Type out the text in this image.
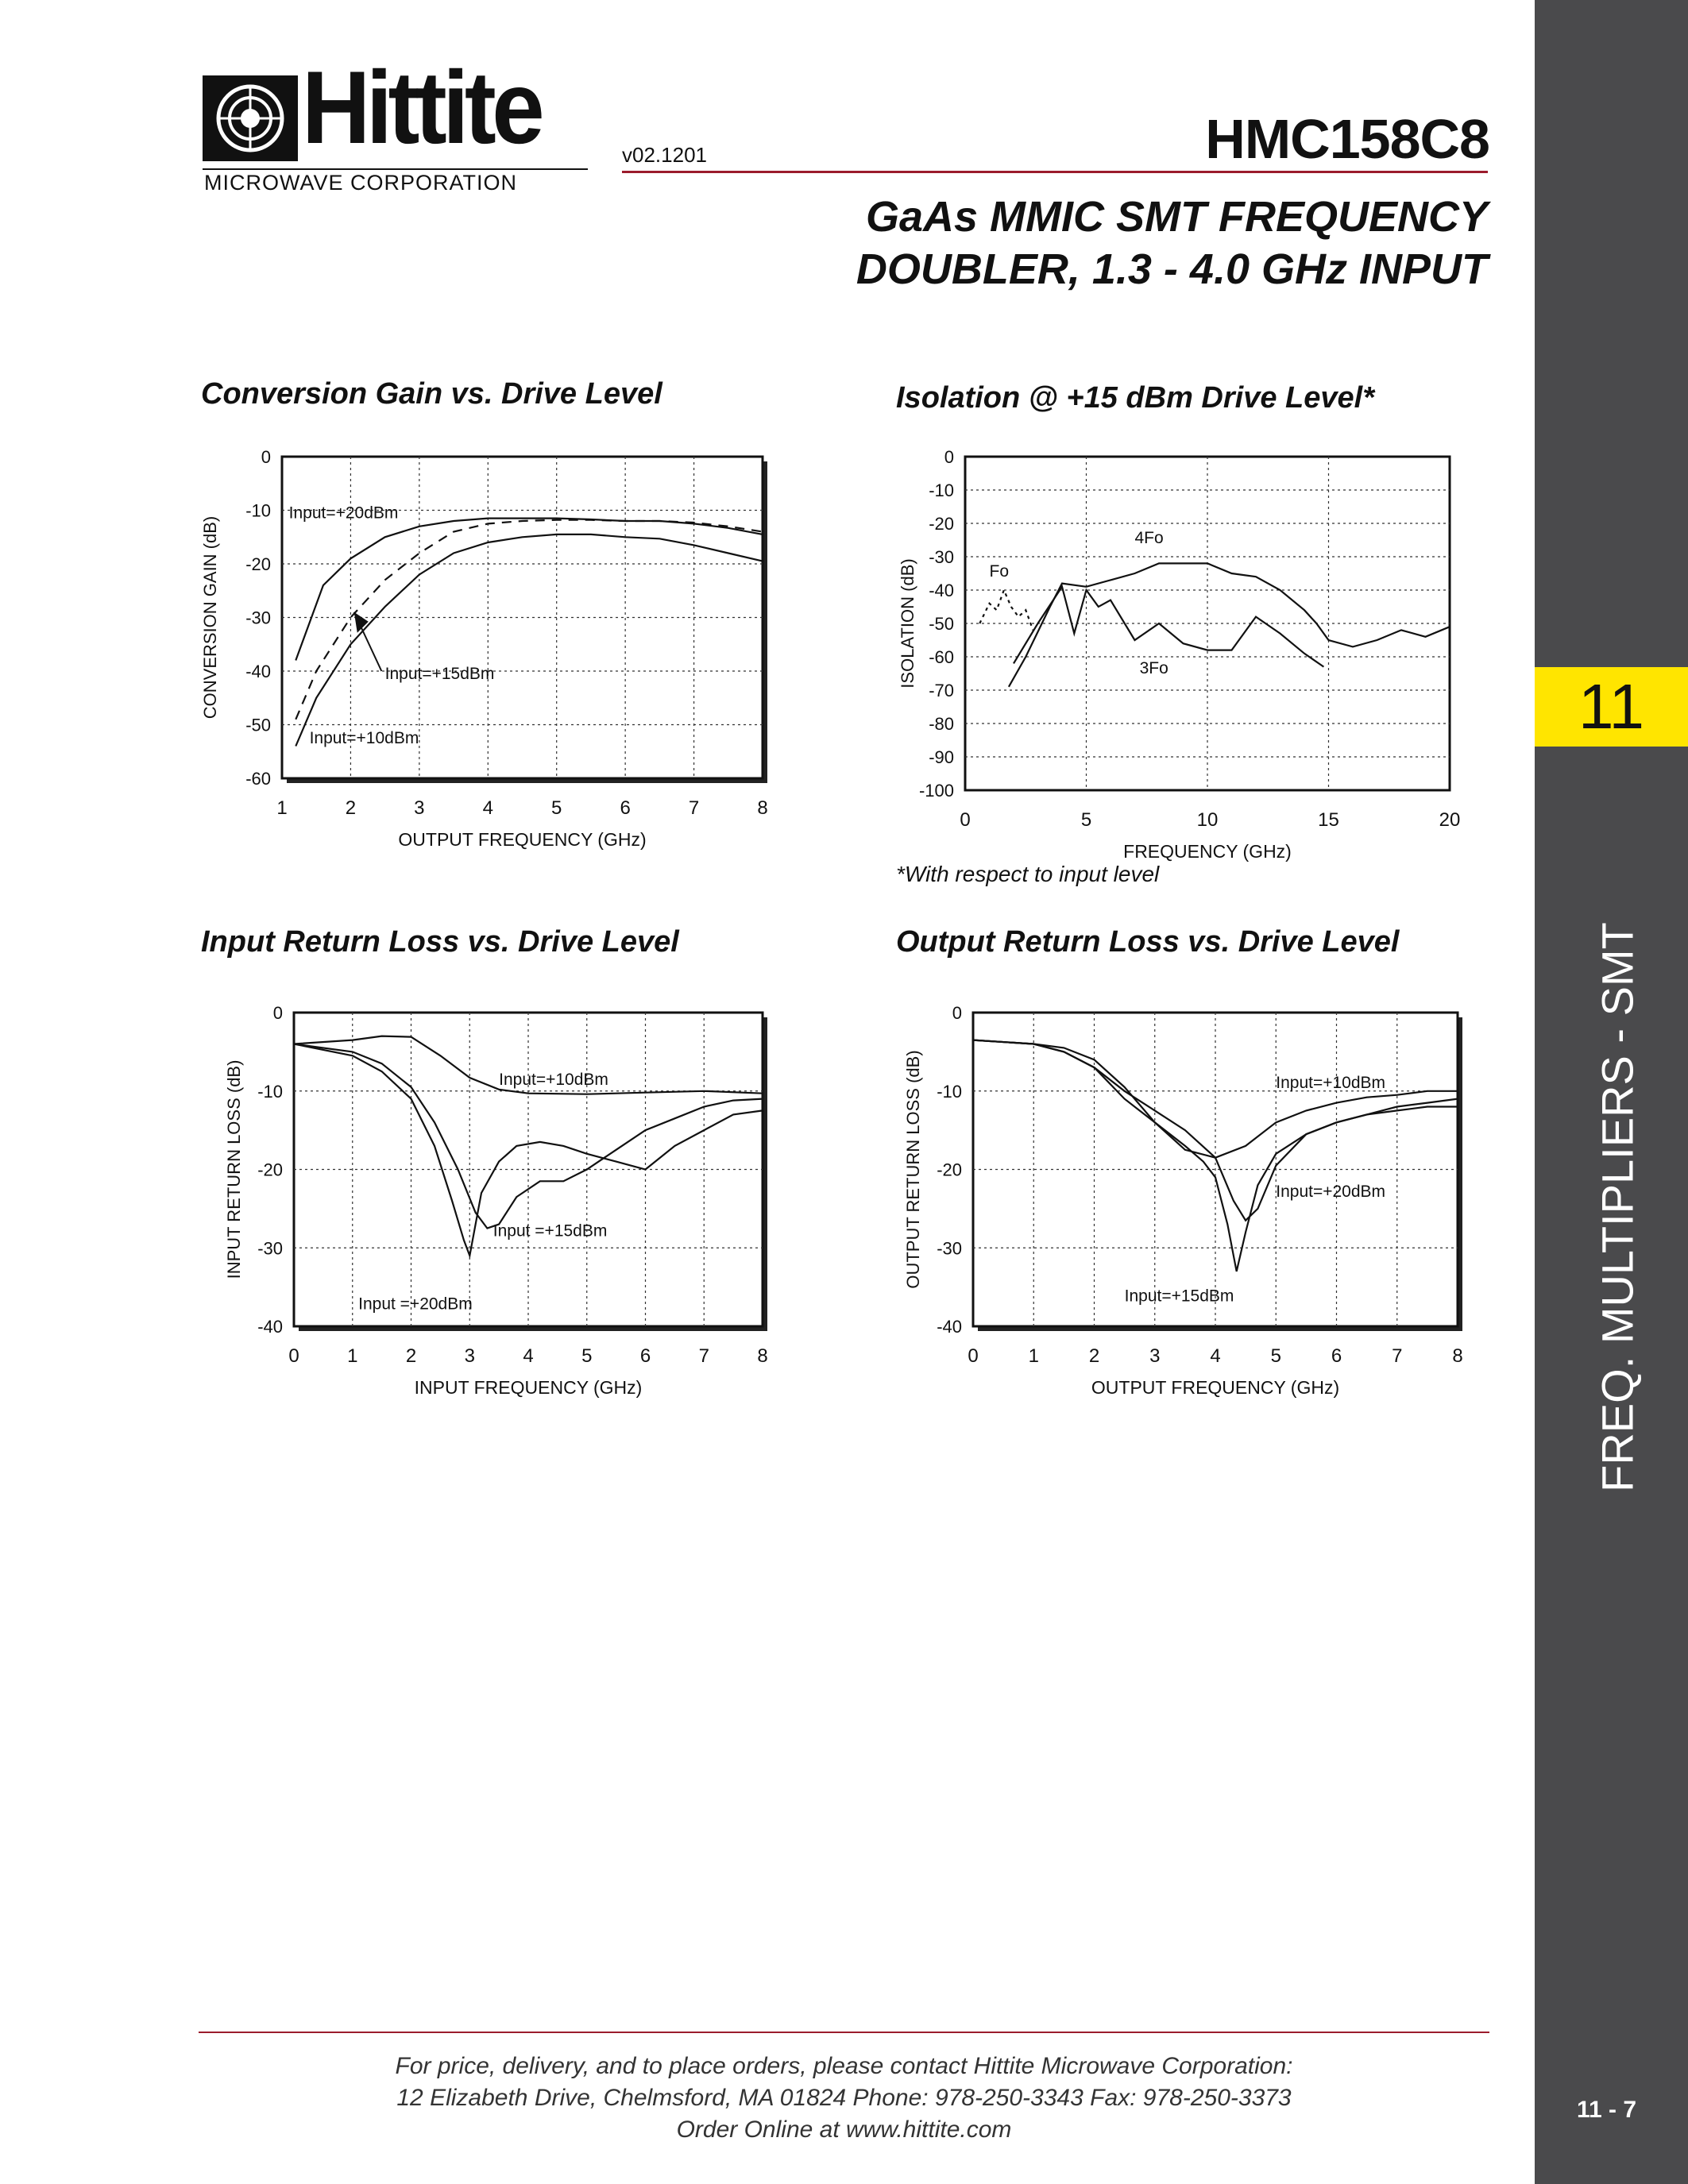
Hittite
MICROWAVE CORPORATION
v02.1201	HMC158C8
GaAs MMIC SMT FREQUENCY
DOUBLER, 1.3 - 4.0 GHz INPUT
11
FREQ. MULTIPLIERS - SMT
11 - 7
Conversion Gain vs. Drive Level	Isolation @ +15 dBm Drive Level*
Input Return Loss vs. Drive Level	Output Return Loss vs. Drive Level
1	2	3	4	5	6	7	8
0
-10
-20
-30
-40
-50
-60
OUTPUT FREQUENCY (GHz)
CONVERSION GAIN (dB)
Input=+20dBm
Input=+15dBm
Input=+10dBm
0	5	10	15	20
0
-10
-20
-30
-40
-50
-60
-70
-80
-90
-100
FREQUENCY (GHz)
ISOLATION (dB)	Fo
4Fo
3Fo
0	1	2	3	4	5	6	7	8
0
-10
-20
-30
-40
INPUT FREQUENCY (GHz)
INPUT RETURN LOSS (dB)	Input=+10dBm
Input =+15dBm
Input =+20dBm
0	1	2	3	4	5	6	7	8
0
-10
-20
-30
-40
OUTPUT FREQUENCY (GHz)
OUTPUT RETURN LOSS (dB)	Input=+10dBm
Input=+20dBm
Input=+15dBm
*With respect to input level
For price, delivery, and to place orders, please contact Hittite Microwave Corporation:
12 Elizabeth Drive, Chelmsford, MA 01824 Phone: 978-250-3343 Fax: 978-250-3373
Order Online at www.hittite.com
